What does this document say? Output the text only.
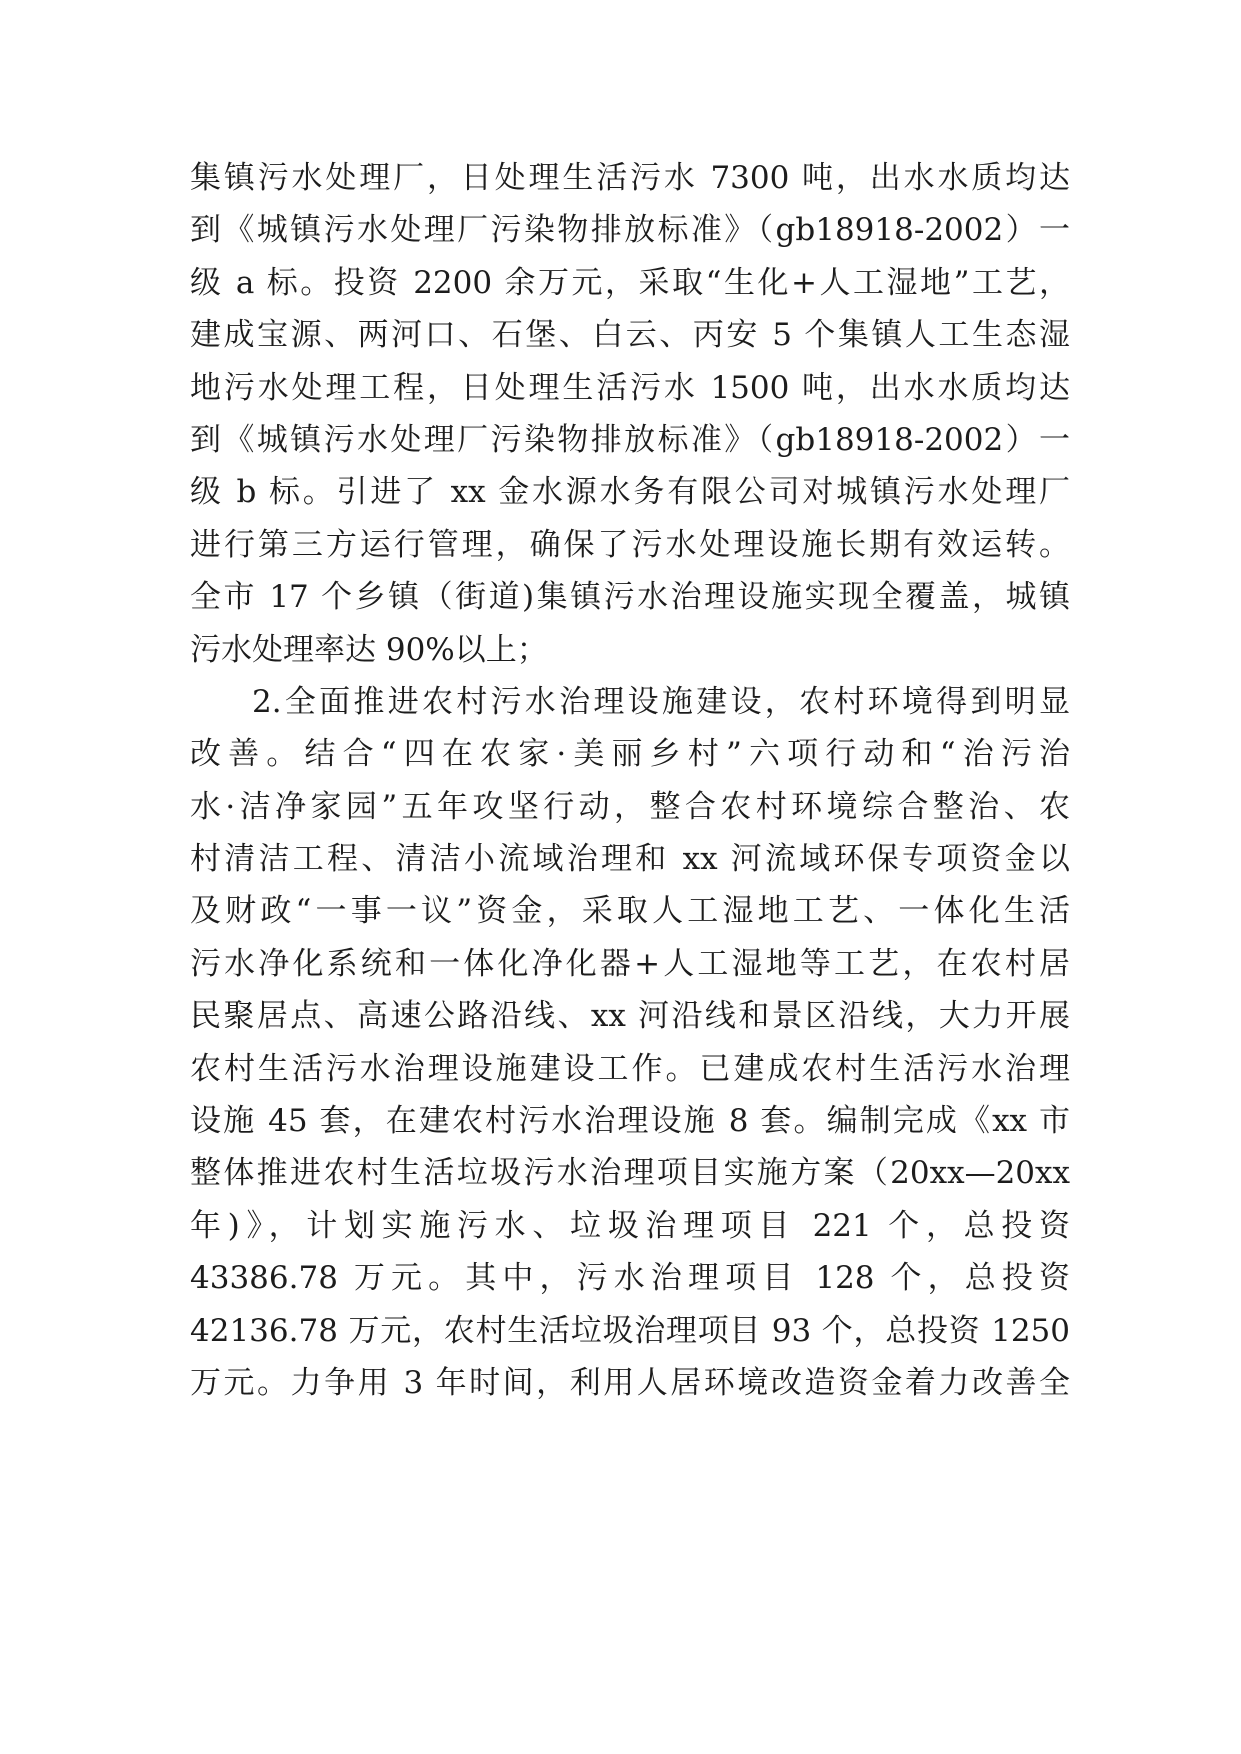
集镇污水处理厂，日处理生活污水 7300 吨，出水水质均达
到《城镇污水处理厂污染物排放标准》（gb18918-2002）一
级 a 标。投资 2200 余万元，采取“生化+人工湿地”工艺，
建成宝源、两河口、石堡、白云、丙安 5 个集镇人工生态湿
地污水处理工程，日处理生活污水 1500 吨，出水水质均达
到《城镇污水处理厂污染物排放标准》（gb18918-2002）一
级 b 标。引进了 xx 金水源水务有限公司对城镇污水处理厂
进行第三方运行管理，确保了污水处理设施长期有效运转。
全市 17 个乡镇（街道)集镇污水治理设施实现全覆盖，城镇
污水处理率达 90%以上；
2.全面推进农村污水治理设施建设，农村环境得到明显
改善。结合“四在农家·美丽乡村”六项行动和“治污治
水·洁净家园”五年攻坚行动，整合农村环境综合整治、农
村清洁工程、清洁小流域治理和 xx 河流域环保专项资金以
及财政“一事一议”资金，采取人工湿地工艺、一体化生活
污水净化系统和一体化净化器+人工湿地等工艺，在农村居
民聚居点、高速公路沿线、xx 河沿线和景区沿线，大力开展
农村生活污水治理设施建设工作。已建成农村生活污水治理
设施 45 套，在建农村污水治理设施 8 套。编制完成《xx 市
整体推进农村生活垃圾污水治理项目实施方案（20xx—20xx
年)》，计划实施污水、垃圾治理项目 221 个，总投资
43386.78 万元。其中，污水治理项目 128 个，总投资
42136.78 万元，农村生活垃圾治理项目 93 个，总投资 1250
万元。力争用 3 年时间，利用人居环境改造资金着力改善全
